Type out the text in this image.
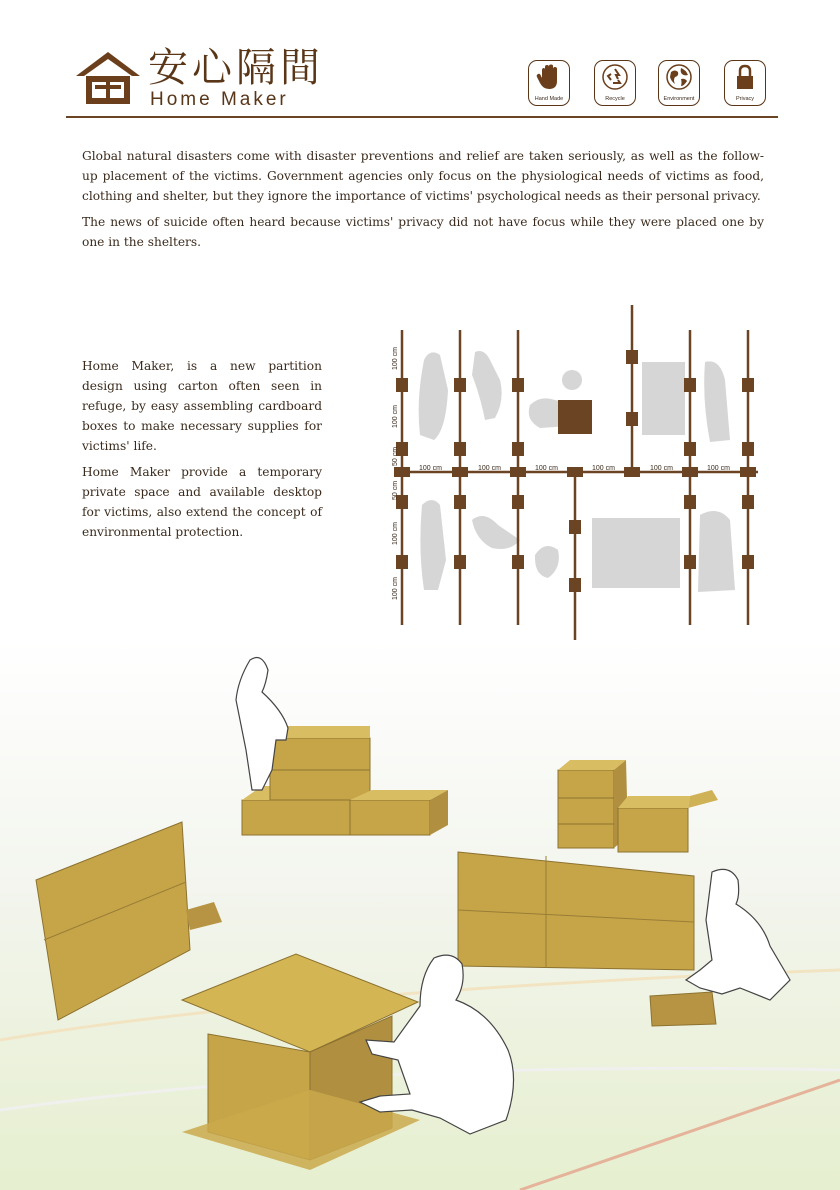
安心隔間
Home Maker	Hand Made	Recycle	Environment	Privacy

Global natural disasters come with disaster preventions and relief are taken seriously, as well as the follow-up placement of the victims. Government agencies only focus on the physiological needs of victims as food, clothing and shelter, but they ignore the importance of victims' psychological needs as their personal privacy.

The news of suicide often heard because victims' privacy did not have focus while they were placed one by one in the shelters.

Home Maker, is a new partition design using carton often seen in refuge, by easy assembling cardboard boxes to make necessary supplies for victims' life.

Home Maker provide a temporary private space and available desktop for victims, also extend the concept of environmental protection.

100 cm
100 cm
50 cm
50 cm
100 cm
100 cm
100 cm	100 cm	100 cm	100 cm	100 cm	100 cm
